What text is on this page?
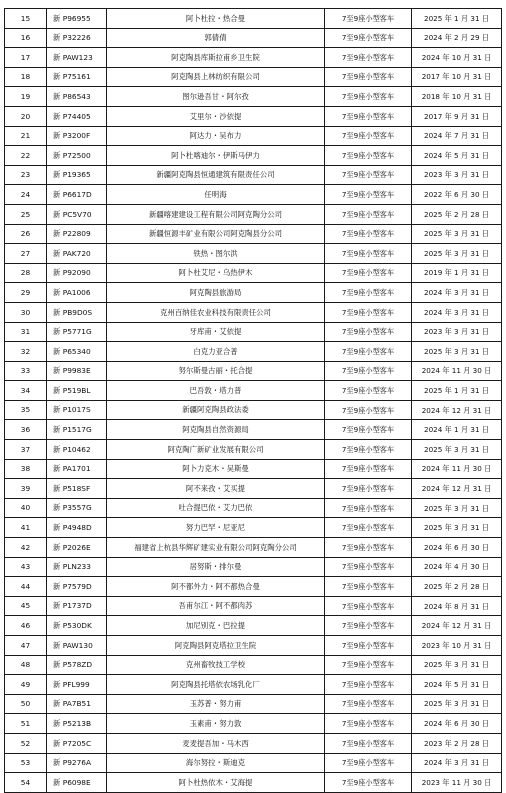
15	新 P96955	阿卜杜拉・热合曼	7至9座小型客车	2025 年 1 月 31 日
16	新 P32226	郭倩倩	7至9座小型客车	2024 年 2 月 29 日
17	新 PAW123	阿克陶县库斯拉甫乡卫生院	7至9座小型客车	2024 年 10 月 31 日
18	新 P75161	阿克陶县上林纺织有限公司	7至9座小型客车	2017 年 10 月 31 日
19	新 P86543	图尔逊吾甘・阿尔孜	7至9座小型客车	2018 年 10 月 31 日
20	新 P74405	艾里尔・沙依提	7至9座小型客车	2017 年 9 月 31 日
21	新 P3200F	阿达力・吴布力	7至9座小型客车	2024 年 7 月 31 日
22	新 P72500	阿卜杜喀迪尔・伊斯马伊力	7至9座小型客车	2024 年 5 月 31 日
23	新 P19365	新疆阿克陶县恒通建筑有限责任公司	7至9座小型客车	2023 年 3 月 31 日
24	新 P6617D	任明海	7至9座小型客车	2022 年 6 月 30 日
25	新 PC5V70	新疆喀建建设工程有限公司阿克陶分公司	7至9座小型客车	2025 年 2 月 28 日
26	新 P22809	新疆恒源丰矿业有限公司阿克陶县分公司	7至9座小型客车	2025 年 3 月 31 日
27	新 PAK720	铁热・图尔洪	7至9座小型客车	2025 年 3 月 31 日
28	新 P92090	阿卜杜艾尼・乌热伊木	7至9座小型客车	2019 年 1 月 31 日
29	新 PA1006	阿克陶县旅游局	7至9座小型客车	2024 年 3 月 31 日
30	新 PB9D0S	克州百纳佳农业科技有限责任公司	7至9座小型客车	2024 年 3 月 31 日
31	新 P5771G	牙库甫・艾依提	7至9座小型客车	2023 年 3 月 31 日
32	新 P65340	白克力亚合普	7至9座小型客车	2025 年 3 月 31 日
33	新 P9983E	努尔斯曼古丽・托合提	7至9座小型客车	2024 年 11 月 30 日
34	新 P519BL	巴吾敦・塔力普	7至9座小型客车	2025 年 1 月 31 日
35	新 P1017S	新疆阿克陶县政法委	7至9座小型客车	2024 年 12 月 31 日
36	新 P1517G	阿克陶县自然资源局	7至9座小型客车	2024 年 1 月 31 日
37	新 P10462	阿克陶广新矿业发展有限公司	7至9座小型客车	2025 年 3 月 31 日
38	新 PA1701	阿卜力克木・吴斯曼	7至9座小型客车	2024 年 11 月 30 日
39	新 P518SF	阿不来孜・艾买提	7至9座小型客车	2024 年 12 月 31 日
40	新 P3557G	吐合提巴依・艾力巴依	7至9座小型客车	2025 年 3 月 31 日
41	新 P4948D	努力巴罕・尼亚尼	7至9座小型客车	2025 年 3 月 31 日
42	新 P2026E	福建省上杭县华辉矿建实业有限公司阿克陶分公司	7至9座小型客车	2024 年 6 月 30 日
43	新 PLN233	居努斯・排尔曼	7至9座小型客车	2024 年 4 月 30 日
44	新 P7579D	阿不都外力・阿不都热合曼	7至9座小型客车	2025 年 2 月 28 日
45	新 P1737D	吾甫尔江・阿不都肉苏	7至9座小型客车	2024 年 8 月 31 日
46	新 P530DK	加尼别克・巴拉提	7至9座小型客车	2024 年 12 月 31 日
47	新 PAW130	阿克陶县阿克塔拉卫生院	7至9座小型客车	2023 年 10 月 31 日
48	新 P578ZD	克州畜牧技工学校	7至9座小型客车	2025 年 3 月 31 日
49	新 PFL999	阿克陶县托塔依农场乳化厂	7至9座小型客车	2024 年 5 月 31 日
50	新 PA7B51	玉苏普・努力甫	7至9座小型客车	2025 年 3 月 31 日
51	新 P5213B	玉素甫・努力敦	7至9座小型客车	2024 年 6 月 30 日
52	新 P7205C	麦麦提吾加・马木西	7至9座小型客车	2023 年 2 月 28 日
53	新 P9276A	海尔努拉・斯迪克	7至9座小型客车	2024 年 3 月 31 日
54	新 P6098E	阿卜杜热依木・艾海提	7至9座小型客车	2023 年 11 月 30 日
